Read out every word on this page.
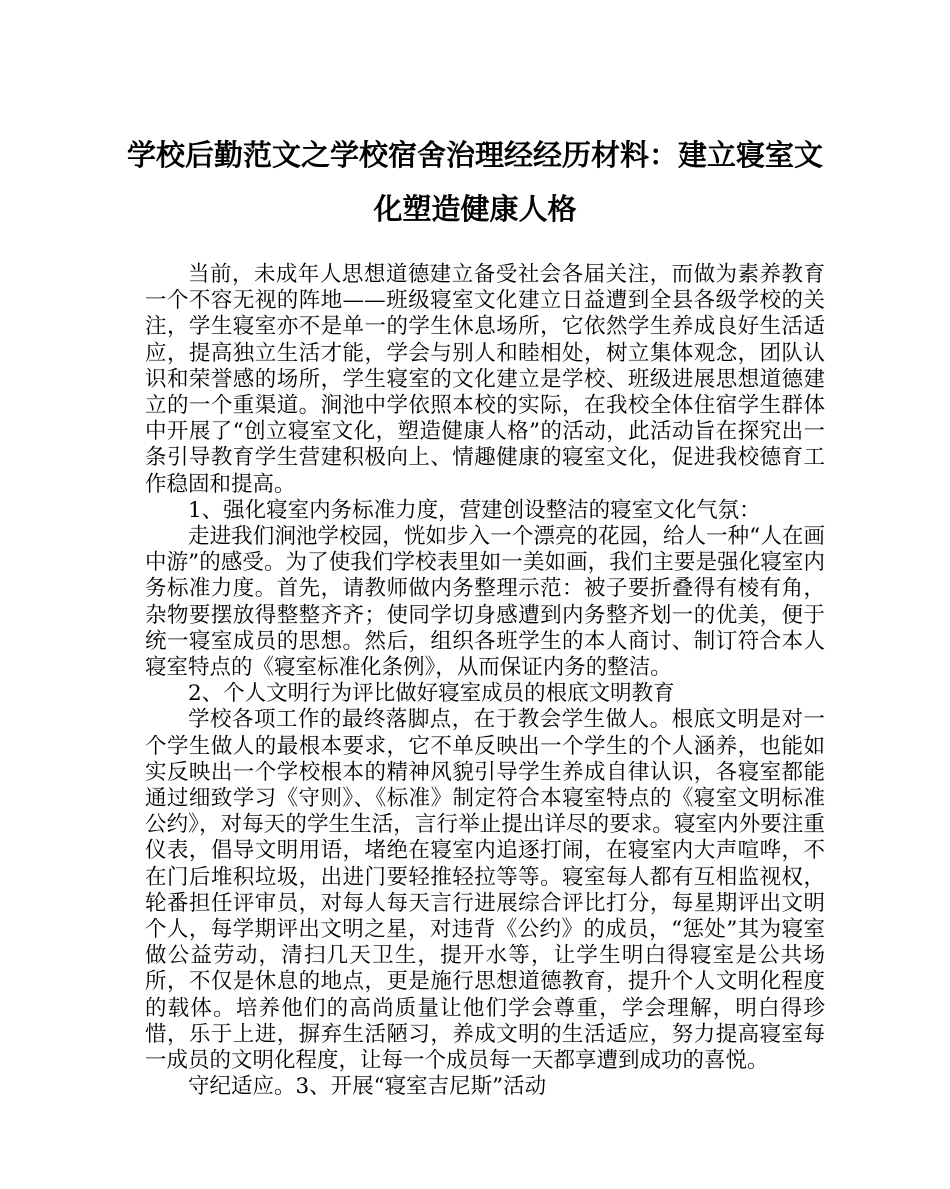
学校后勤范文之学校宿舍治理经经历材料：建立寝室文化塑造健康人格

当前，未成年人思想道德建立备受社会各届关注，而做为素养教育一个不容无视的阵地——班级寝室文化建立日益遭到全县各级学校的关注，学生寝室亦不是单一的学生休息场所，它依然学生养成良好生活适应，提高独立生活才能，学会与别人和睦相处，树立集体观念，团队认识和荣誉感的场所，学生寝室的文化建立是学校、班级进展思想道德建立的一个重渠道。涧池中学依照本校的实际，在我校全体住宿学生群体中开展了“创立寝室文化，塑造健康人格”的活动，此活动旨在探究出一条引导教育学生营建积极向上、情趣健康的寝室文化，促进我校德育工作稳固和提高。

1、强化寝室内务标准力度，营建创设整洁的寝室文化气氛：

走进我们涧池学校园，恍如步入一个漂亮的花园，给人一种“人在画中游”的感受。为了使我们学校表里如一美如画，我们主要是强化寝室内务标准力度。首先，请教师做内务整理示范：被子要折叠得有棱有角，杂物要摆放得整整齐齐；使同学切身感遭到内务整齐划一的优美，便于统一寝室成员的思想。然后，组织各班学生的本人商讨、制订符合本人寝室特点的《寝室标准化条例》，从而保证内务的整洁。

2、个人文明行为评比做好寝室成员的根底文明教育

学校各项工作的最终落脚点，在于教会学生做人。根底文明是对一个学生做人的最根本要求，它不单反映出一个学生的个人涵养，也能如实反映出一个学校根本的精神风貌引导学生养成自律认识，各寝室都能通过细致学习《守则》、《标准》制定符合本寝室特点的《寝室文明标准公约》，对每天的学生生活，言行举止提出详尽的要求。寝室内外要注重仪表，倡导文明用语，堵绝在寝室内追逐打闹，在寝室内大声喧哗，不在门后堆积垃圾，出进门要轻推轻拉等等。寝室每人都有互相监视权，轮番担任评审员，对每人每天言行进展综合评比打分，每星期评出文明个人，每学期评出文明之星，对违背《公约》的成员，“惩处”其为寝室做公益劳动，清扫几天卫生，提开水等，让学生明白得寝室是公共场所，不仅是休息的地点，更是施行思想道德教育，提升个人文明化程度的载体。培养他们的高尚质量让他们学会尊重，学会理解，明白得珍惜，乐于上进，摒弃生活陋习，养成文明的生活适应，努力提高寝室每一成员的文明化程度，让每一个成员每一天都享遭到成功的喜悦。

守纪适应。3、开展“寝室吉尼斯”活动
